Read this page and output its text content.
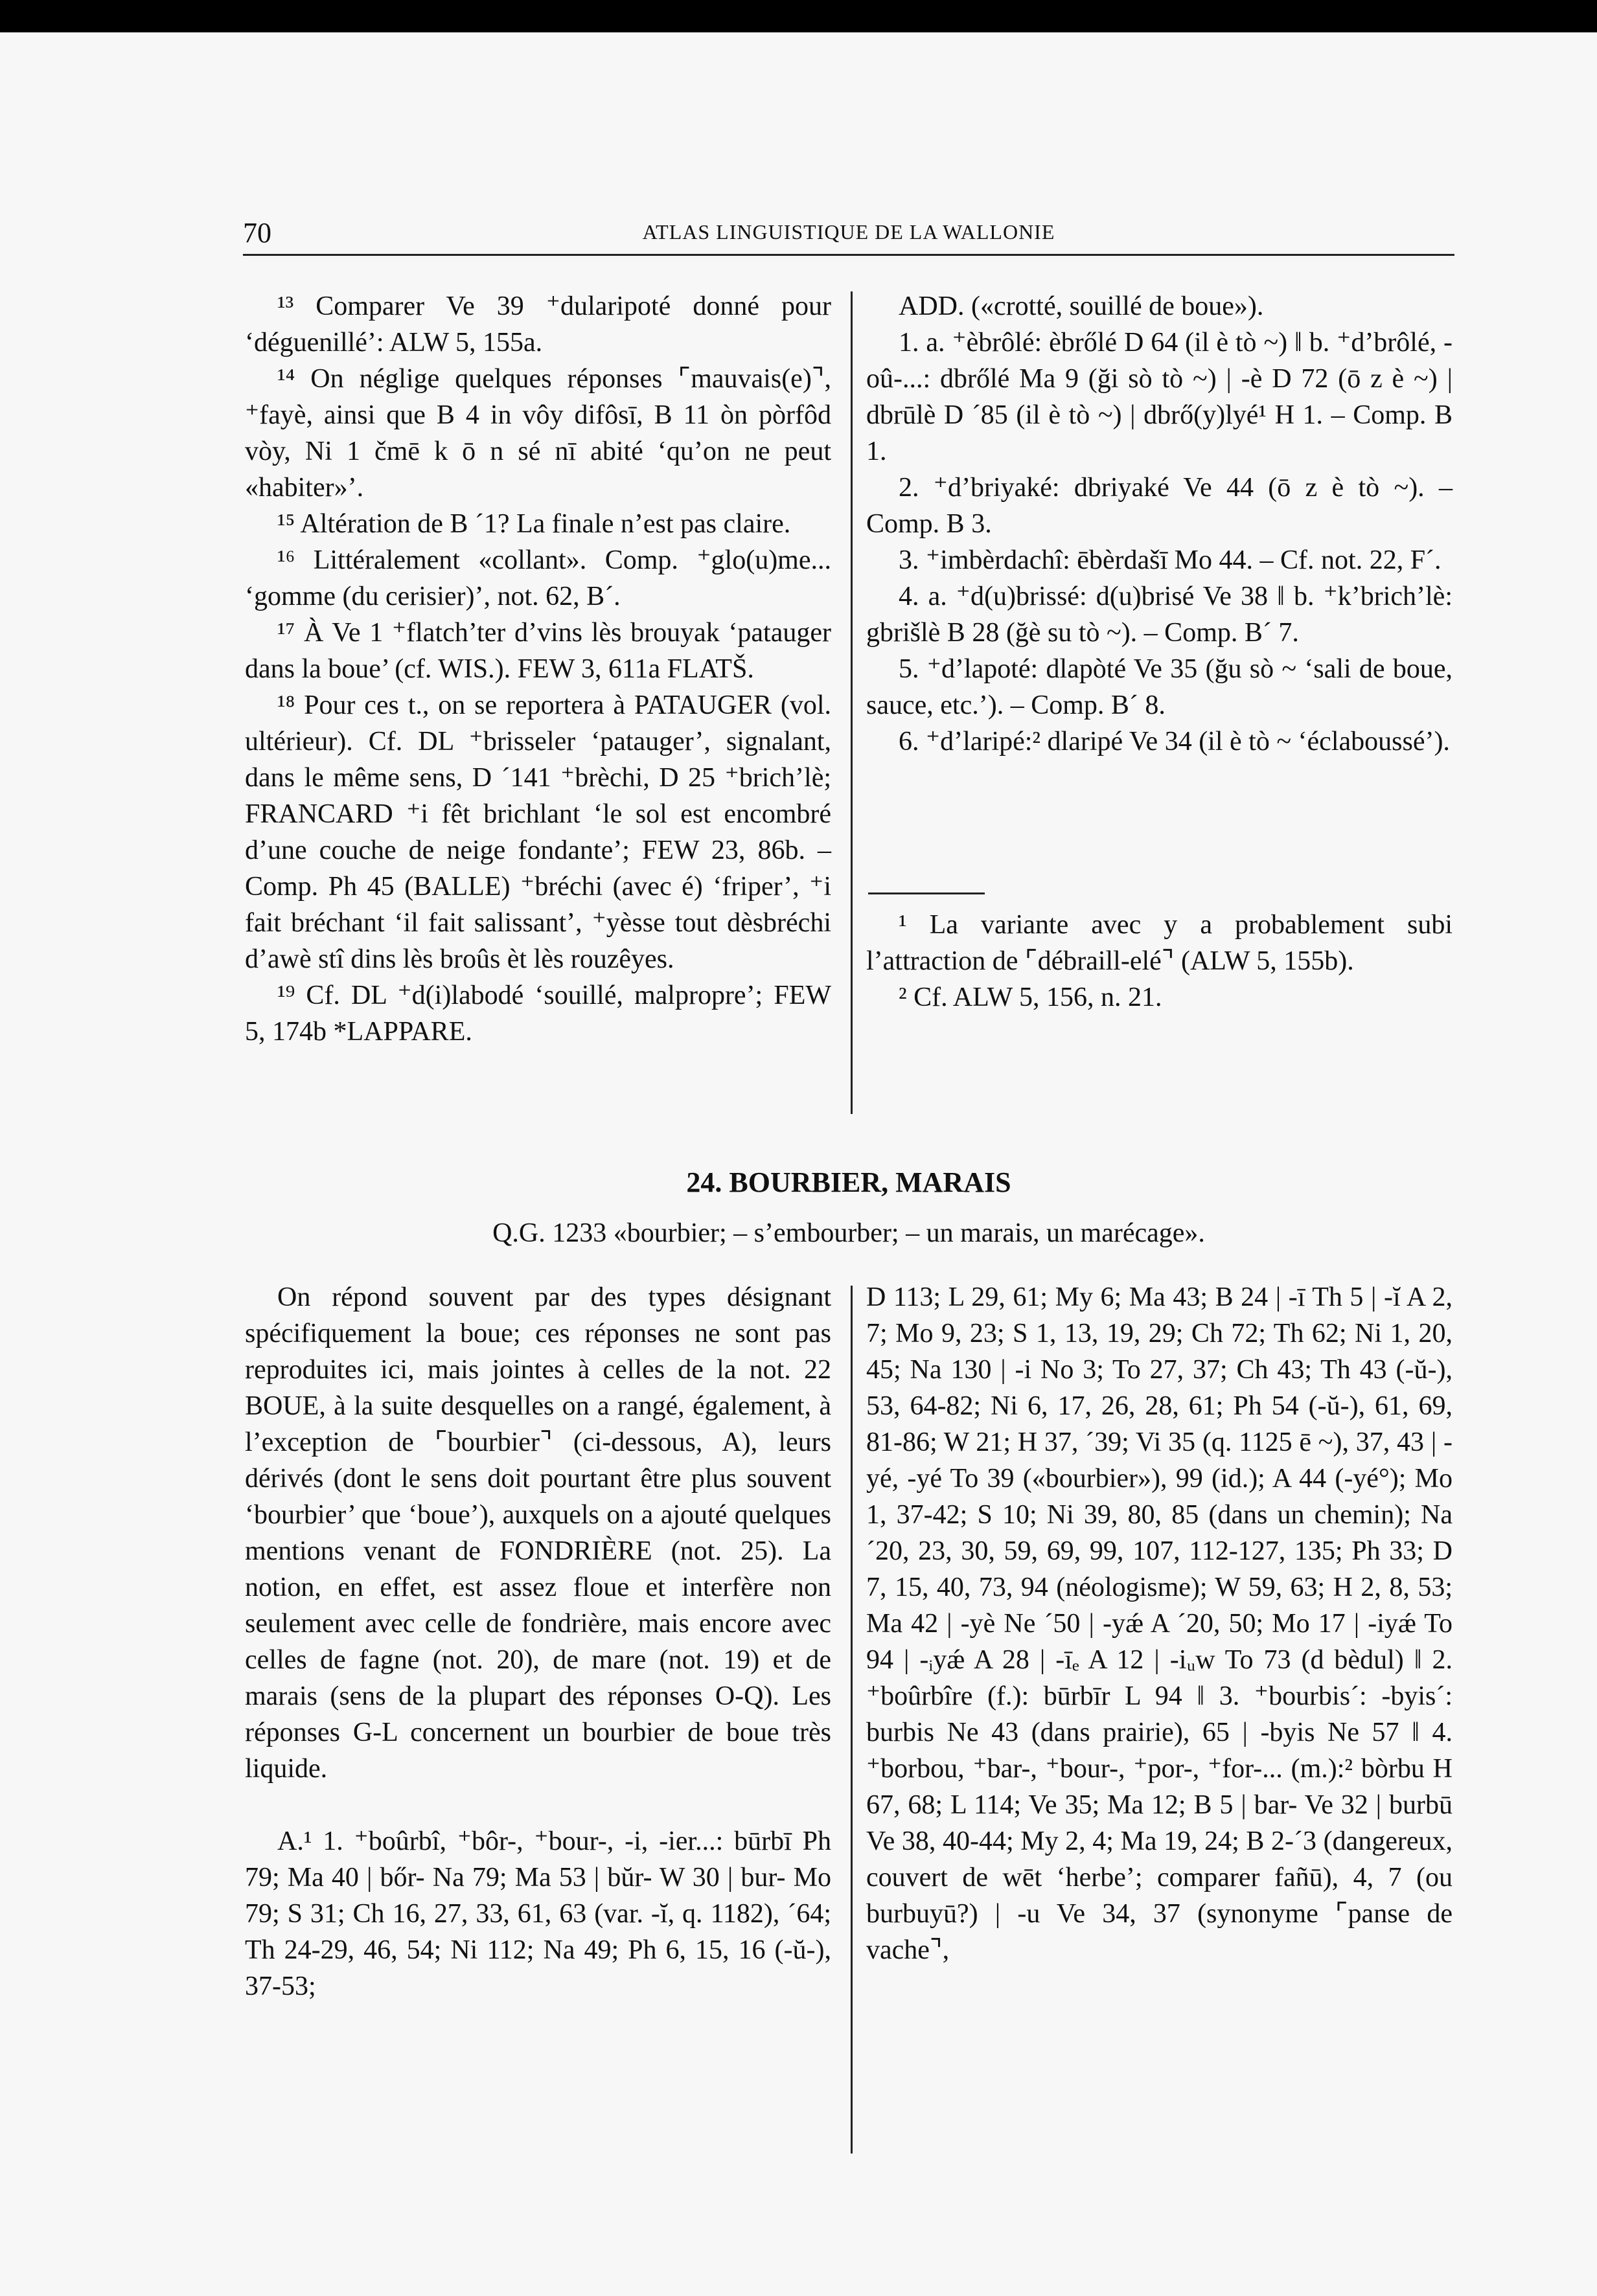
70	ATLAS LINGUISTIQUE DE LA WALLONIE

¹³ Comparer Ve 39 ⁺dularipoté donné pour ‘déguenillé’: ALW 5, 155a.

¹⁴ On néglige quelques réponses ⌜mauvais(e)⌝, ⁺fayè, ainsi que B 4 in vôy difôsī, B 11 òn pòrfôd vòy, Ni 1 čmē k ō n sé nī abité ‘qu’on ne peut «habiter»’.

¹⁵ Altération de B ´1? La finale n’est pas claire.

¹⁶ Littéralement «collant». Comp. ⁺glo(u)me... ‘gomme (du cerisier)’, not. 62, B´.

¹⁷ À Ve 1 ⁺flatch’ter d’vins lès brouyak ‘patauger dans la boue’ (cf. WIS.). FEW 3, 611a FLATŠ.

¹⁸ Pour ces t., on se reportera à PATAUGER (vol. ultérieur). Cf. DL ⁺brisseler ‘patauger’, signalant, dans le même sens, D ´141 ⁺brèchi, D 25 ⁺brich’lè; FRANCARD ⁺i fêt brichlant ‘le sol est encombré d’une couche de neige fondante’; FEW 23, 86b. – Comp. Ph 45 (BALLE) ⁺bréchi (avec é) ‘friper’, ⁺i fait bréchant ‘il fait salissant’, ⁺yèsse tout dèsbréchi d’awè stî dins lès broûs èt lès rouzêyes.

¹⁹ Cf. DL ⁺d(i)labodé ‘souillé, malpropre’; FEW 5, 174b *LAPPARE.

ADD. («crotté, souillé de boue»).

1. a. ⁺èbrôlé: èbrőlé D 64 (il è tò ~) ‖ b. ⁺d’brôlé, -oû-...: dbrőlé Ma 9 (ği sò tò ~) | -è D 72 (ō z è ~) | dbrūlè D ´85 (il è tò ~) | dbrő(y)lyé¹ H 1. – Comp. B 1.

2. ⁺d’briyaké: dbriyaké Ve 44 (ō z è tò ~). – Comp. B 3.

3. ⁺imbèrdachî: ēbèrdašī Mo 44. – Cf. not. 22, F´.

4. a. ⁺d(u)brissé: d(u)brisé Ve 38 ‖ b. ⁺k’brich’lè: gbrišlè B 28 (ğè su tò ~). – Comp. B´ 7.

5. ⁺d’lapoté: dlapòté Ve 35 (ğu sò ~ ‘sali de boue, sauce, etc.’). – Comp. B´ 8.

6. ⁺d’laripé:² dlaripé Ve 34 (il è tò ~ ‘éclaboussé’).

¹ La variante avec y a probablement subi l’attraction de ⌜débraill-elé⌝ (ALW 5, 155b).

² Cf. ALW 5, 156, n. 21.

24. BOURBIER, MARAIS
Q.G. 1233 «bourbier; – s’embourber; – un marais, un marécage».

On répond souvent par des types désignant spécifiquement la boue; ces réponses ne sont pas reproduites ici, mais jointes à celles de la not. 22 BOUE, à la suite desquelles on a rangé, également, à l’exception de ⌜bourbier⌝ (ci-dessous, A), leurs dérivés (dont le sens doit pourtant être plus souvent ‘bourbier’ que ‘boue’), auxquels on a ajouté quelques mentions venant de FONDRIÈRE (not. 25). La notion, en effet, est assez floue et interfère non seulement avec celle de fondrière, mais encore avec celles de fagne (not. 20), de mare (not. 19) et de marais (sens de la plupart des réponses O-Q). Les réponses G-L concernent un bourbier de boue très liquide.

A.¹ 1. ⁺boûrbî, ⁺bôr-, ⁺bour-, -i, -ier...: būrbī Ph 79; Ma 40 | bőr- Na 79; Ma 53 | bŭr- W 30 | bur- Mo 79; S 31; Ch 16, 27, 33, 61, 63 (var. -ĭ, q. 1182), ´64; Th 24-29, 46, 54; Ni 112; Na 49; Ph 6, 15, 16 (-ŭ-), 37-53;

D 113; L 29, 61; My 6; Ma 43; B 24 | -ī Th 5 | -ĭ A 2, 7; Mo 9, 23; S 1, 13, 19, 29; Ch 72; Th 62; Ni 1, 20, 45; Na 130 | -i No 3; To 27, 37; Ch 43; Th 43 (-ŭ-), 53, 64-82; Ni 6, 17, 26, 28, 61; Ph 54 (-ŭ-), 61, 69, 81-86; W 21; H 37, ´39; Vi 35 (q. 1125 ē ~), 37, 43 | -yé, -yé To 39 («bourbier»), 99 (id.); A 44 (-yé°); Mo 1, 37-42; S 10; Ni 39, 80, 85 (dans un chemin); Na ´20, 23, 30, 59, 69, 99, 107, 112-127, 135; Ph 33; D 7, 15, 40, 73, 94 (néologisme); W 59, 63; H 2, 8, 53; Ma 42 | -yè Ne ´50 | -yǽ A ´20, 50; Mo 17 | -iyǽ To 94 | -ᵢyǽ A 28 | -īₑ A 12 | -iᵤw To 73 (d bèdul) ‖ 2. ⁺boûrbîre (f.): būrbīr L 94 ‖ 3. ⁺bourbis´: -byis´: burbis Ne 43 (dans prairie), 65 | -byis Ne 57 ‖ 4. ⁺borbou, ⁺bar-, ⁺bour-, ⁺por-, ⁺for-... (m.):² bòrbu H 67, 68; L 114; Ve 35; Ma 12; B 5 | bar- Ve 32 | burbū Ve 38, 40-44; My 2, 4; Ma 19, 24; B 2-´3 (dangereux, couvert de wēt ‘herbe’; comparer fañū), 4, 7 (ou burbuyū?) | -u Ve 34, 37 (synonyme ⌜panse de vache⌝,
